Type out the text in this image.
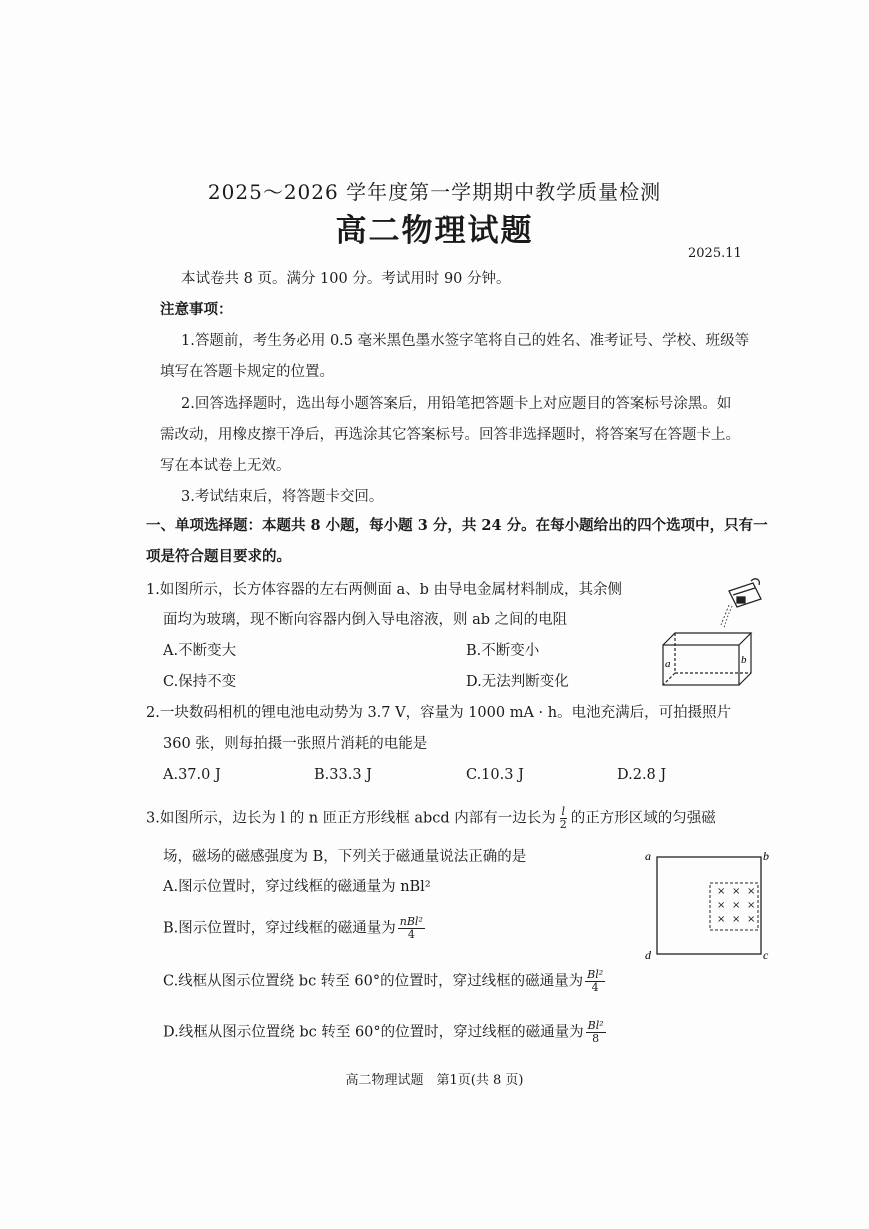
2025～2026 学年度第一学期期中教学质量检测
高二物理试题
2025.11
本试卷共 8 页。满分 100 分。考试用时 90 分钟。
注意事项：
1.答题前，考生务必用 0.5 毫米黑色墨水签字笔将自己的姓名、准考证号、学校、班级等
填写在答题卡规定的位置。
2.回答选择题时，选出每小题答案后，用铅笔把答题卡上对应题目的答案标号涂黑。如
需改动，用橡皮擦干净后，再选涂其它答案标号。回答非选择题时，将答案写在答题卡上。
写在本试卷上无效。
3.考试结束后，将答题卡交回。
一、单项选择题：本题共 8 小题，每小题 3 分，共 24 分。在每小题给出的四个选项中，只有一
项是符合题目要求的。
1.如图所示，长方体容器的左右两侧面 a、b 由导电金属材料制成，其余侧
面均为玻璃，现不断向容器内倒入导电溶液，则 ab 之间的电阻
A.不断变大	B.不断变小
C.保持不变	D.无法判断变化
a	b
2.一块数码相机的锂电池电动势为 3.7 V，容量为 1000 mA · h。电池充满后，可拍摄照片
360 张，则每拍摄一张照片消耗的电能是
A.37.0 J	B.33.3 J	C.10.3 J	D.2.8 J
3.如图所示，边长为 l 的 n 匝正方形线框 abcd 内部有一边长为 $\frac{l}{2}$ 的正方形区域的匀强磁
场，磁场的磁感强度为 B，下列关于磁通量说法正确的是
A.图示位置时，穿过线框的磁通量为 nBl²
B.图示位置时，穿过线框的磁通量为 $\frac{\text{nBl²}}{4}$
C.线框从图示位置绕 bc 转至 60°的位置时，穿过线框的磁通量为 $\frac{\text{Bl²}}{4}$
D.线框从图示位置绕 bc 转至 60°的位置时，穿过线框的磁通量为 $\frac{\text{Bl²}}{8}$
a	b
c
d
× × ×
× × ×
× × ×
高二物理试题　第1页(共 8 页)
